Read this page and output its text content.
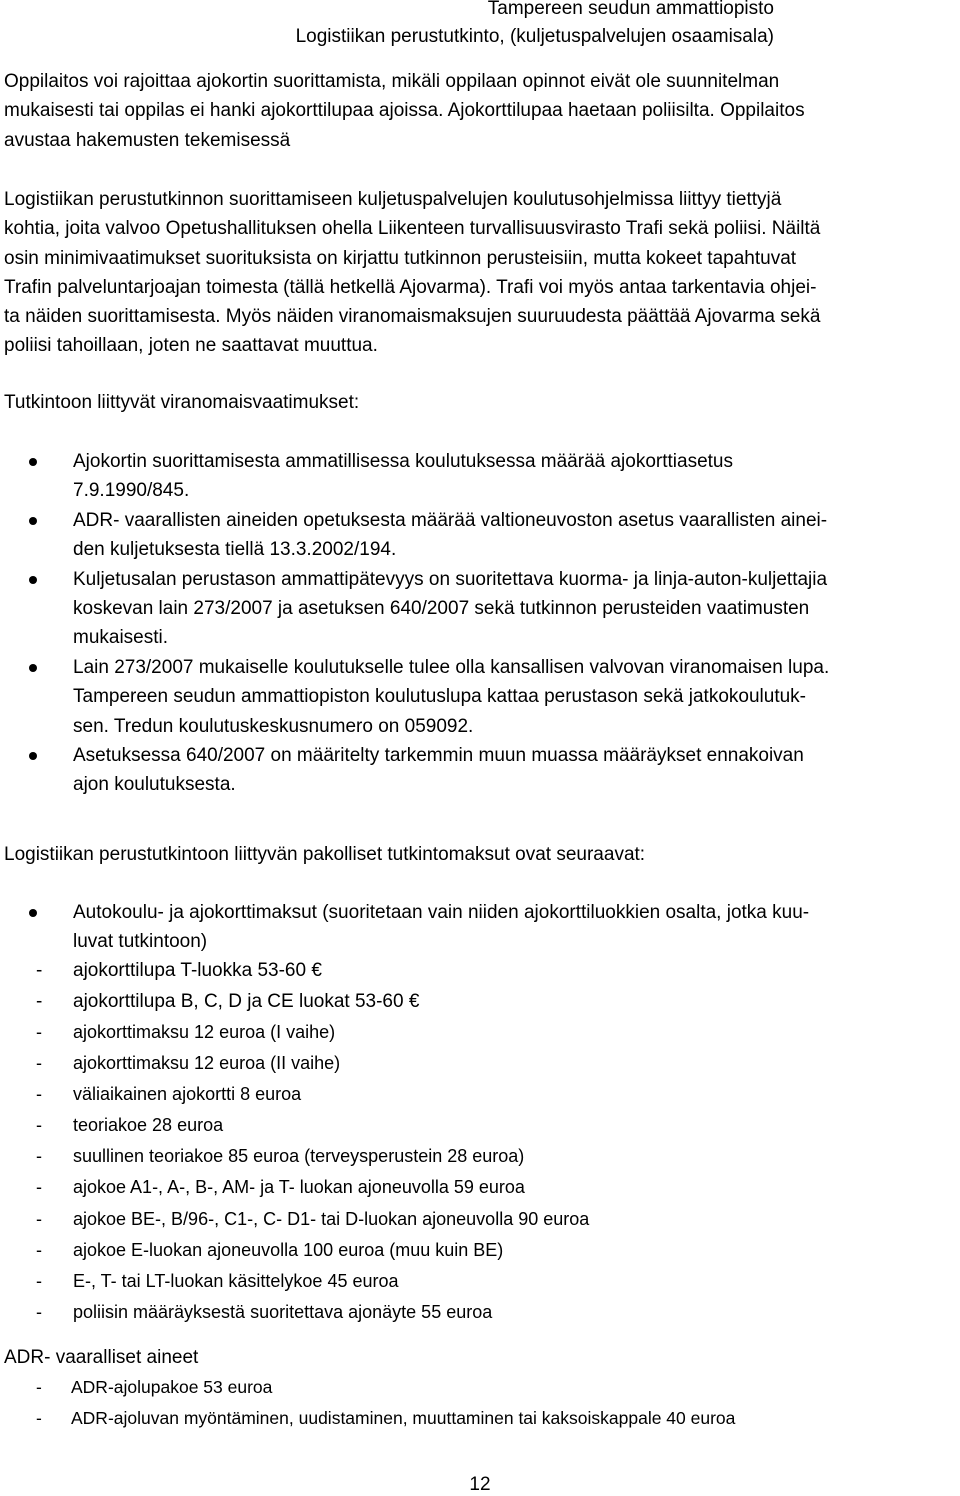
Tampereen seudun ammattiopisto
Logistiikan perustutkinto, (kuljetuspalvelujen osaamisala)
Oppilaitos voi rajoittaa ajokortin suorittamista, mikäli oppilaan opinnot eivät ole suunnitelman
mukaisesti tai oppilas ei hanki ajokorttilupaa ajoissa. Ajokorttilupaa haetaan poliisilta. Oppilaitos
avustaa hakemusten tekemisessä
Logistiikan perustutkinnon suorittamiseen kuljetuspalvelujen koulutusohjelmissa liittyy tiettyjä
kohtia, joita valvoo Opetushallituksen ohella Liikenteen turvallisuusvirasto Trafi sekä poliisi. Näiltä
osin minimivaatimukset suorituksista on kirjattu tutkinnon perusteisiin, mutta kokeet tapahtuvat
Trafin palveluntarjoajan toimesta (tällä hetkellä Ajovarma). Trafi voi myös antaa tarkentavia ohjei-
ta näiden suorittamisesta. Myös näiden viranomaismaksujen suuruudesta päättää Ajovarma sekä
poliisi tahoillaan, joten ne saattavat muuttua.
Tutkintoon liittyvät viranomaisvaatimukset:
Ajokortin suorittamisesta ammatillisessa koulutuksessa määrää ajokorttiasetus
7.9.1990/845.
ADR- vaarallisten aineiden opetuksesta määrää valtioneuvoston asetus vaarallisten ainei-
den kuljetuksesta tiellä 13.3.2002/194.
Kuljetusalan perustason ammattipätevyys on suoritettava kuorma- ja linja-auton-kuljettajia
koskevan lain 273/2007 ja asetuksen 640/2007 sekä tutkinnon perusteiden vaatimusten
mukaisesti.
Lain 273/2007 mukaiselle koulutukselle tulee olla kansallisen valvovan viranomaisen lupa.
Tampereen seudun ammattiopiston koulutuslupa kattaa perustason sekä jatkokoulutuk-
sen. Tredun koulutuskeskusnumero on 059092.
Asetuksessa 640/2007 on määritelty tarkemmin muun muassa määräykset ennakoivan
ajon koulutuksesta.
Logistiikan perustutkintoon liittyvän pakolliset tutkintomaksut ovat seuraavat:
Autokoulu- ja ajokorttimaksut (suoritetaan vain niiden ajokorttiluokkien osalta, jotka kuu-
luvat tutkintoon)
- ajokorttilupa T-luokka 53-60 €
- ajokorttilupa B, C, D ja CE luokat 53-60 €
- ajokorttimaksu 12 euroa (I vaihe)
- ajokorttimaksu 12 euroa (II vaihe)
- väliaikainen ajokortti 8 euroa
- teoriakoe 28 euroa
- suullinen teoriakoe 85 euroa (terveysperustein 28 euroa)
- ajokoe A1-, A-, B-, AM- ja T- luokan ajoneuvolla 59 euroa
- ajokoe BE-, B/96-, C1-, C- D1- tai D-luokan ajoneuvolla 90 euroa
- ajokoe E-luokan ajoneuvolla 100 euroa (muu kuin BE)
- E-, T- tai LT-luokan käsittelykoe 45 euroa
- poliisin määräyksestä suoritettava ajonäyte 55 euroa
ADR- vaaralliset aineet
- ADR-ajolupakoe 53 euroa
- ADR-ajoluvan myöntäminen, uudistaminen, muuttaminen tai kaksoiskappale 40 euroa
12
